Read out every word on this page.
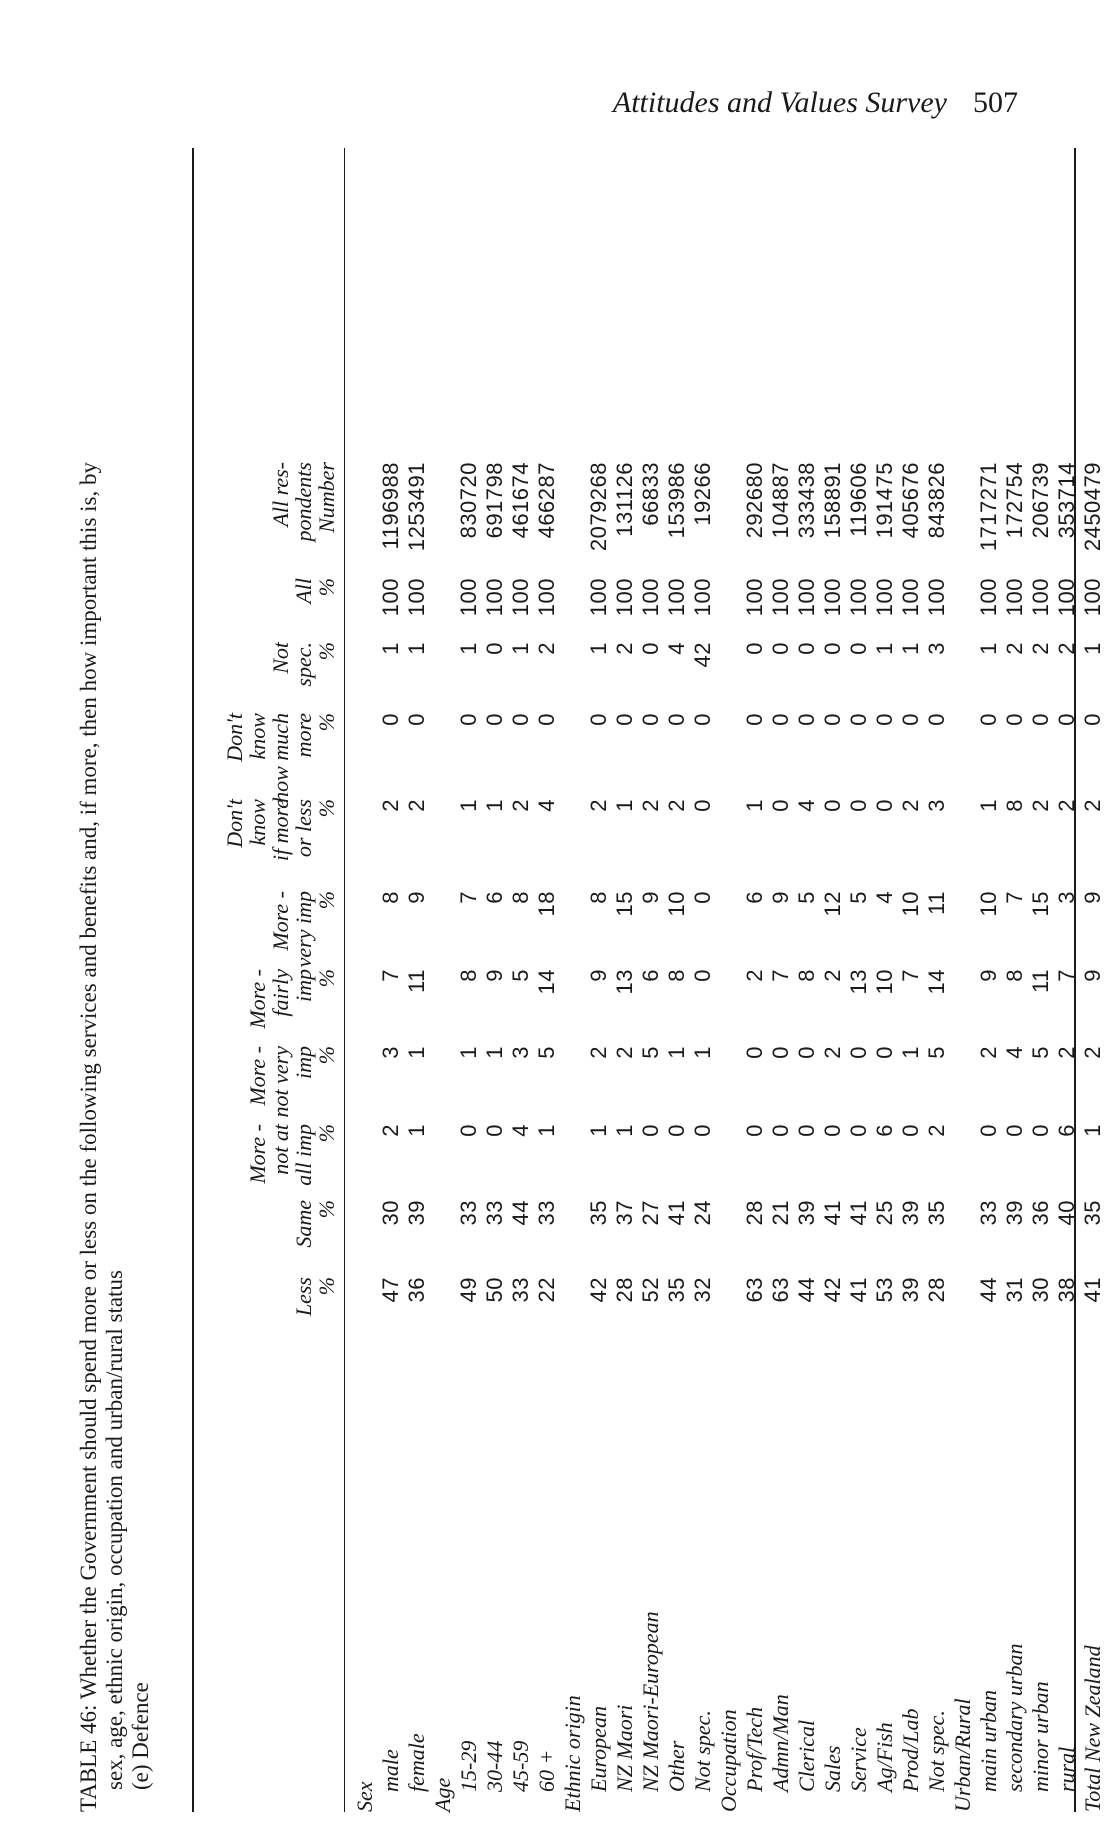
Attitudes and Values Survey 507
TABLE 46: Whether the Government should spend more or less on the following services and benefits and, if more, then how important this is, by sex, age, ethnic origin, occupation and urban/rural status (e) Defence
Less
%
Same
%
More -
not at
all imp
%
More -
not very
imp
%
More -
fairly
imp
%
More -
very imp
%
Don't
know
if more
or less
%
Don't
know
how much
more
%
Not
spec.
%
All
%
All res-
pondents
Number
Sex
male
47
30
2
3
7
8
2
0
1
100
1196988
female
36
39
1
1
11
9
2
0
1
100
1253491
Age
15-29
49
33
0
1
8
7
1
0
1
100
830720
30-44
50
33
0
1
9
6
1
0
0
100
691798
45-59
33
44
4
3
5
8
2
0
1
100
461674
60 +
22
33
1
5
14
18
4
0
2
100
466287
Ethnic origin European
42
35
1
2
9
8
2
0
1
100
2079268
NZ Maori
28
37
1
2
13
15
1
0
2
100
131126
NZ Maori-European
52
27
0
5
6
9
2
0
0
100
66833
Other
35
41
0
1
8
10
2
0
4
100
153986
Not spec.
32
24
0
1
0
0
0
0
42
100
19266
Occupation Prof/Tech
63
28
0
0
2
6
1
0
0
100
292680
Admn/Man
63
21
0
0
7
9
0
0
0
100
104887
Clerical
44
39
0
0
8
5
4
0
0
100
333438
Sales
42
41
0
2
2
12
0
0
0
100
158891
Service
41
41
0
0
13
5
0
0
0
100
119606
Ag/Fish
53
25
6
0
10
4
0
0
1
100
191475
Prod/Lab
39
39
0
1
7
10
2
0
1
100
405676
Not spec.
28
35
2
5
14
11
3
0
3
100
843826
Urban/Rural main urban
44
33
0
2
9
10
1
0
1
100
1717271
secondary urban
31
39
0
4
8
7
8
0
2
100
172754
minor urban
30
36
0
5
11
15
2
0
2
100
206739
rural
38
40
6
2
7
3
2
0
2
100
353714
Total New Zealand
41
35
1
2
9
9
2
0
1
100
2450479
